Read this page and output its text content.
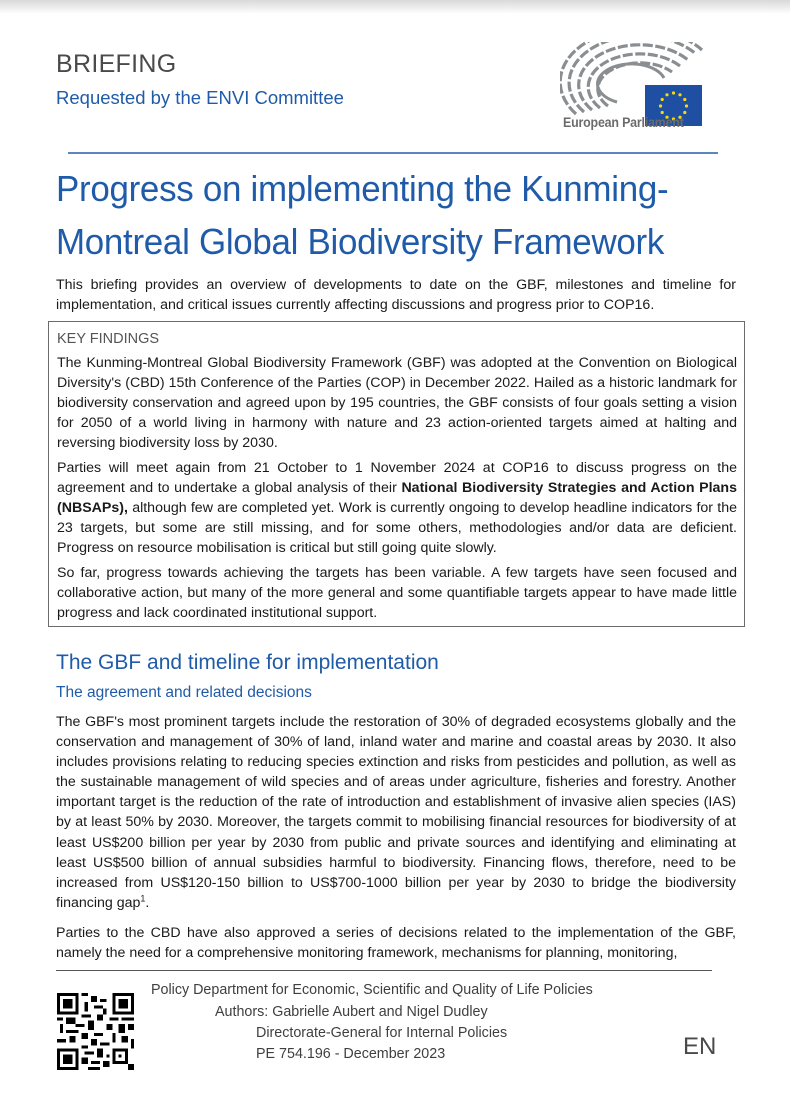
BRIEFING
Requested by the ENVI Committee
European Parliament
Progress on implementing the Kunming-Montreal Global Biodiversity Framework
This briefing provides an overview of developments to date on the GBF, milestones and timeline for implementation, and critical issues currently affecting discussions and progress prior to COP16.
KEY FINDINGS

The Kunming-Montreal Global Biodiversity Framework (GBF) was adopted at the Convention on Biological Diversity's (CBD) 15th Conference of the Parties (COP) in December 2022. Hailed as a historic landmark for biodiversity conservation and agreed upon by 195 countries, the GBF consists of four goals setting a vision for 2050 of a world living in harmony with nature and 23 action-oriented targets aimed at halting and reversing biodiversity loss by 2030.

Parties will meet again from 21 October to 1 November 2024 at COP16 to discuss progress on the agreement and to undertake a global analysis of their National Biodiversity Strategies and Action Plans (NBSAPs), although few are completed yet. Work is currently ongoing to develop headline indicators for the 23 targets, but some are still missing, and for some others, methodologies and/or data are deficient. Progress on resource mobilisation is critical but still going quite slowly.

So far, progress towards achieving the targets has been variable. A few targets have seen focused and collaborative action, but many of the more general and some quantifiable targets appear to have made little progress and lack coordinated institutional support.

The GBF and timeline for implementation
The agreement and related decisions

The GBF's most prominent targets include the restoration of 30% of degraded ecosystems globally and the conservation and management of 30% of land, inland water and marine and coastal areas by 2030. It also includes provisions relating to reducing species extinction and risks from pesticides and pollution, as well as the sustainable management of wild species and of areas under agriculture, fisheries and forestry. Another important target is the reduction of the rate of introduction and establishment of invasive alien species (IAS) by at least 50% by 2030. Moreover, the targets commit to mobilising financial resources for biodiversity of at least US$200 billion per year by 2030 from public and private sources and identifying and eliminating at least US$500 billion of annual subsidies harmful to biodiversity. Financing flows, therefore, need to be increased from US$120-150 billion to US$700-1000 billion per year by 2030 to bridge the biodiversity financing gap$^1$.

Parties to the CBD have also approved a series of decisions related to the implementation of the GBF, namely the need for a comprehensive monitoring framework, mechanisms for planning, monitoring,

Policy Department for Economic, Scientific and Quality of Life Policies
Authors: Gabrielle Aubert and Nigel Dudley
Directorate-General for Internal Policies
PE 754.196 - December 2023	EN
